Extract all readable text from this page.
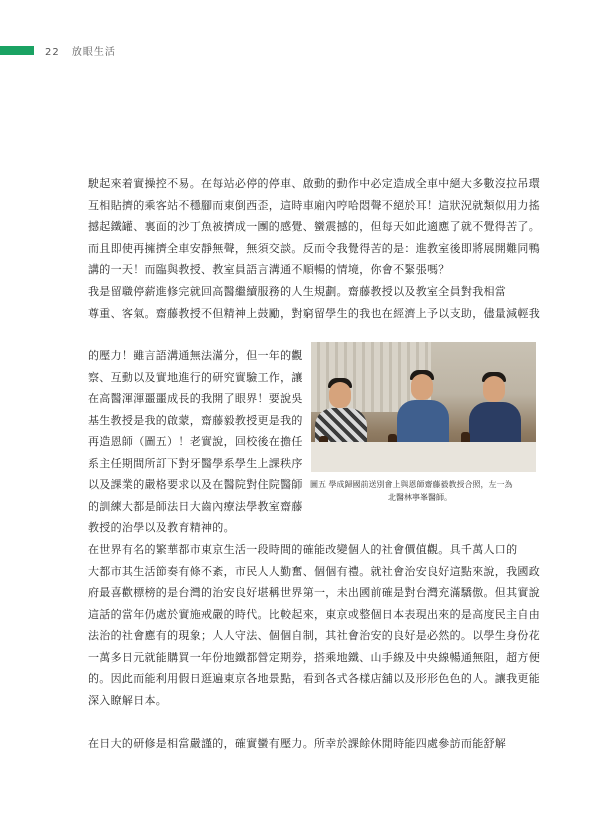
22 放眼生活
駛起來着實操控不易。在每站必停的停車、啟動的動作中必定造成全車中絕大多數沒拉吊環
互相貼擠的乘客站不穩腳而東倒西歪，這時車廂內哼哈悶聲不絕於耳！這狀況就類似用力搖
撼起鐵罐、裏面的沙丁魚被擠成一團的感覺、蠻震撼的，但每天如此適應了就不覺得苦了。
而且即使再擁擠全車安靜無聲，無須交談。反而令我覺得苦的是：進教室後即將展開難同鴨
講的一天！而臨與教授、教室員語言溝通不順暢的情境，你會不緊張嗎？
我是留職停薪進修完就回高醫繼續服務的人生規劃。齋藤教授以及教室全員對我相當
尊重、客氣。齋藤教授不但精神上鼓勵，對窮留學生的我也在經濟上予以支助，儘量減輕我
的壓力！雖言語溝通無法滿分，但一年的觀
察、互動以及實地進行的研究實驗工作，讓
在高醫渾渾噩噩成長的我開了眼界！要說吳
基生教授是我的啟蒙，齋藤毅教授更是我的
再造恩師（圖五）！老實說，回校後在擔任
系主任期間所訂下對牙醫學系學生上課秩序
以及課業的嚴格要求以及在醫院對住院醫師
的訓練大都是師法日大齒內療法學教室齋藤
教授的治學以及教育精神的。
圖五 學成歸國前送別會上與恩師齋藤毅教授合照，左一為
北醫林寧峯醫師。
在世界有名的繁華都市東京生活一段時間的確能改變個人的社會價值觀。具千萬人口的
大都市其生活節奏有條不紊，市民人人勤奮、個個有禮。就社會治安良好這點來說，我國政
府最喜歡標榜的是台灣的治安良好堪稱世界第一，未出國前確是對台灣充滿驕傲。但其實說
這話的當年仍處於實施戒嚴的時代。比較起來，東京或整個日本表現出來的是高度民主自由
法治的社會應有的現象；人人守法、個個自制，其社會治安的良好是必然的。以學生身份花
一萬多日元就能購買一年份地鐵都營定期券，搭乘地鐵、山手線及中央線暢通無阻，超方便
的。因此而能利用假日逛遍東京各地景點，看到各式各樣店舖以及形形色色的人。讓我更能
深入瞭解日本。
在日大的研修是相當嚴謹的，確實蠻有壓力。所幸於課餘休閒時能四處參訪而能舒解
